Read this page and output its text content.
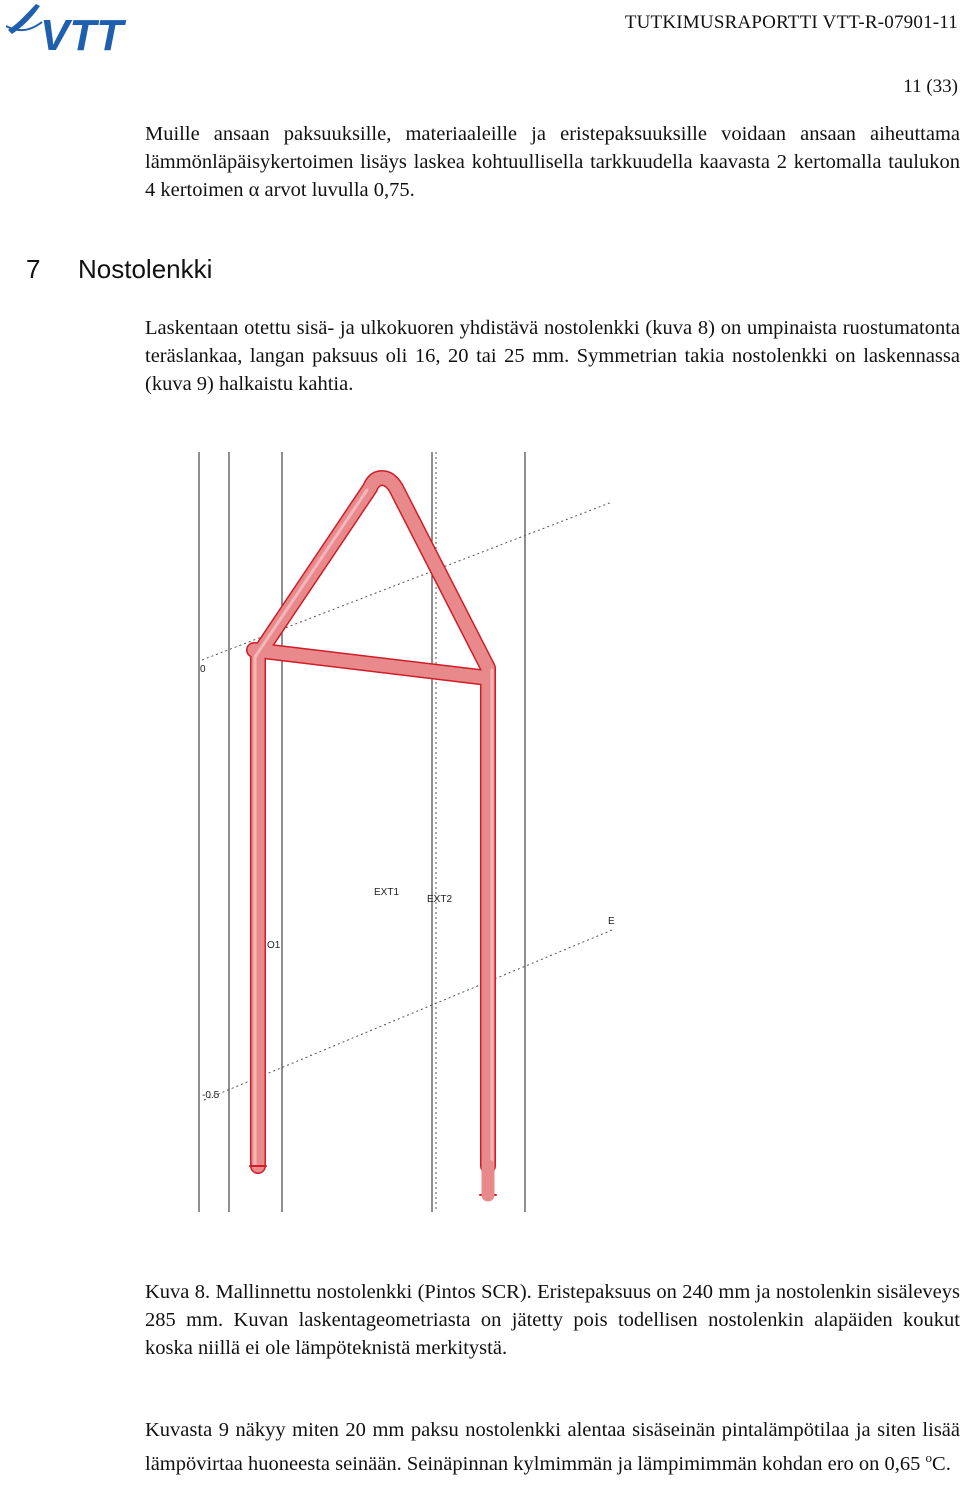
VTT	TUTKIMUSRAPORTTI VTT-R-07901-11
11 (33)

Muille ansaan paksuuksille, materiaaleille ja eristepaksuuksille voidaan ansaan aiheuttama lämmönläpäisykertoimen lisäys laskea kohtuullisella tarkkuudella kaavasta 2 kertomalla taulukon 4 kertoimen α arvot luvulla 0,75.

7 Nostolenkki

Laskentaan otettu sisä- ja ulkokuoren yhdistävä nostolenkki (kuva 8) on umpinaista ruostumatonta teräslankaa, langan paksuus oli 16, 20 tai 25 mm. Symmetrian takia nostolenkki on laskennassa (kuva 9) halkaistu kahtia.

0
-0.5
EXT1
EXT2
E
O1

Kuva 8. Mallinnettu nostolenkki (Pintos SCR). Eristepaksuus on 240 mm ja nostolenkin sisäleveys 285 mm. Kuvan laskentageometriasta on jätetty pois todellisen nostolenkin alapäiden koukut koska niillä ei ole lämpöteknistä merkitystä.

Kuvasta 9 näkyy miten 20 mm paksu nostolenkki alentaa sisäseinän pintalämpötilaa ja siten lisää lämpövirtaa huoneesta seinään. Seinäpinnan kylmimmän ja lämpimimmän kohdan ero on 0,65 $^o$C.
